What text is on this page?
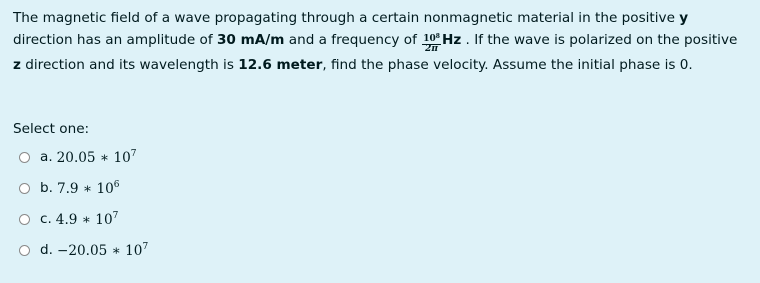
The magnetic field of a wave propagating through a certain nonmagnetic material in the positive y direction has an amplitude of 30 mA/m and a frequency of $\frac{10^8}{2\pi}$ Hz . If the wave is polarized on the positive z direction and its wavelength is 12.6 meter, find the phase velocity. Assume the initial phase is 0.
Select one:
a. 20.05 ∗ $10^7$
b. 7.9 ∗ $10^6$
c. 4.9 ∗ $10^7$
d. −20.05 ∗ $10^7$
